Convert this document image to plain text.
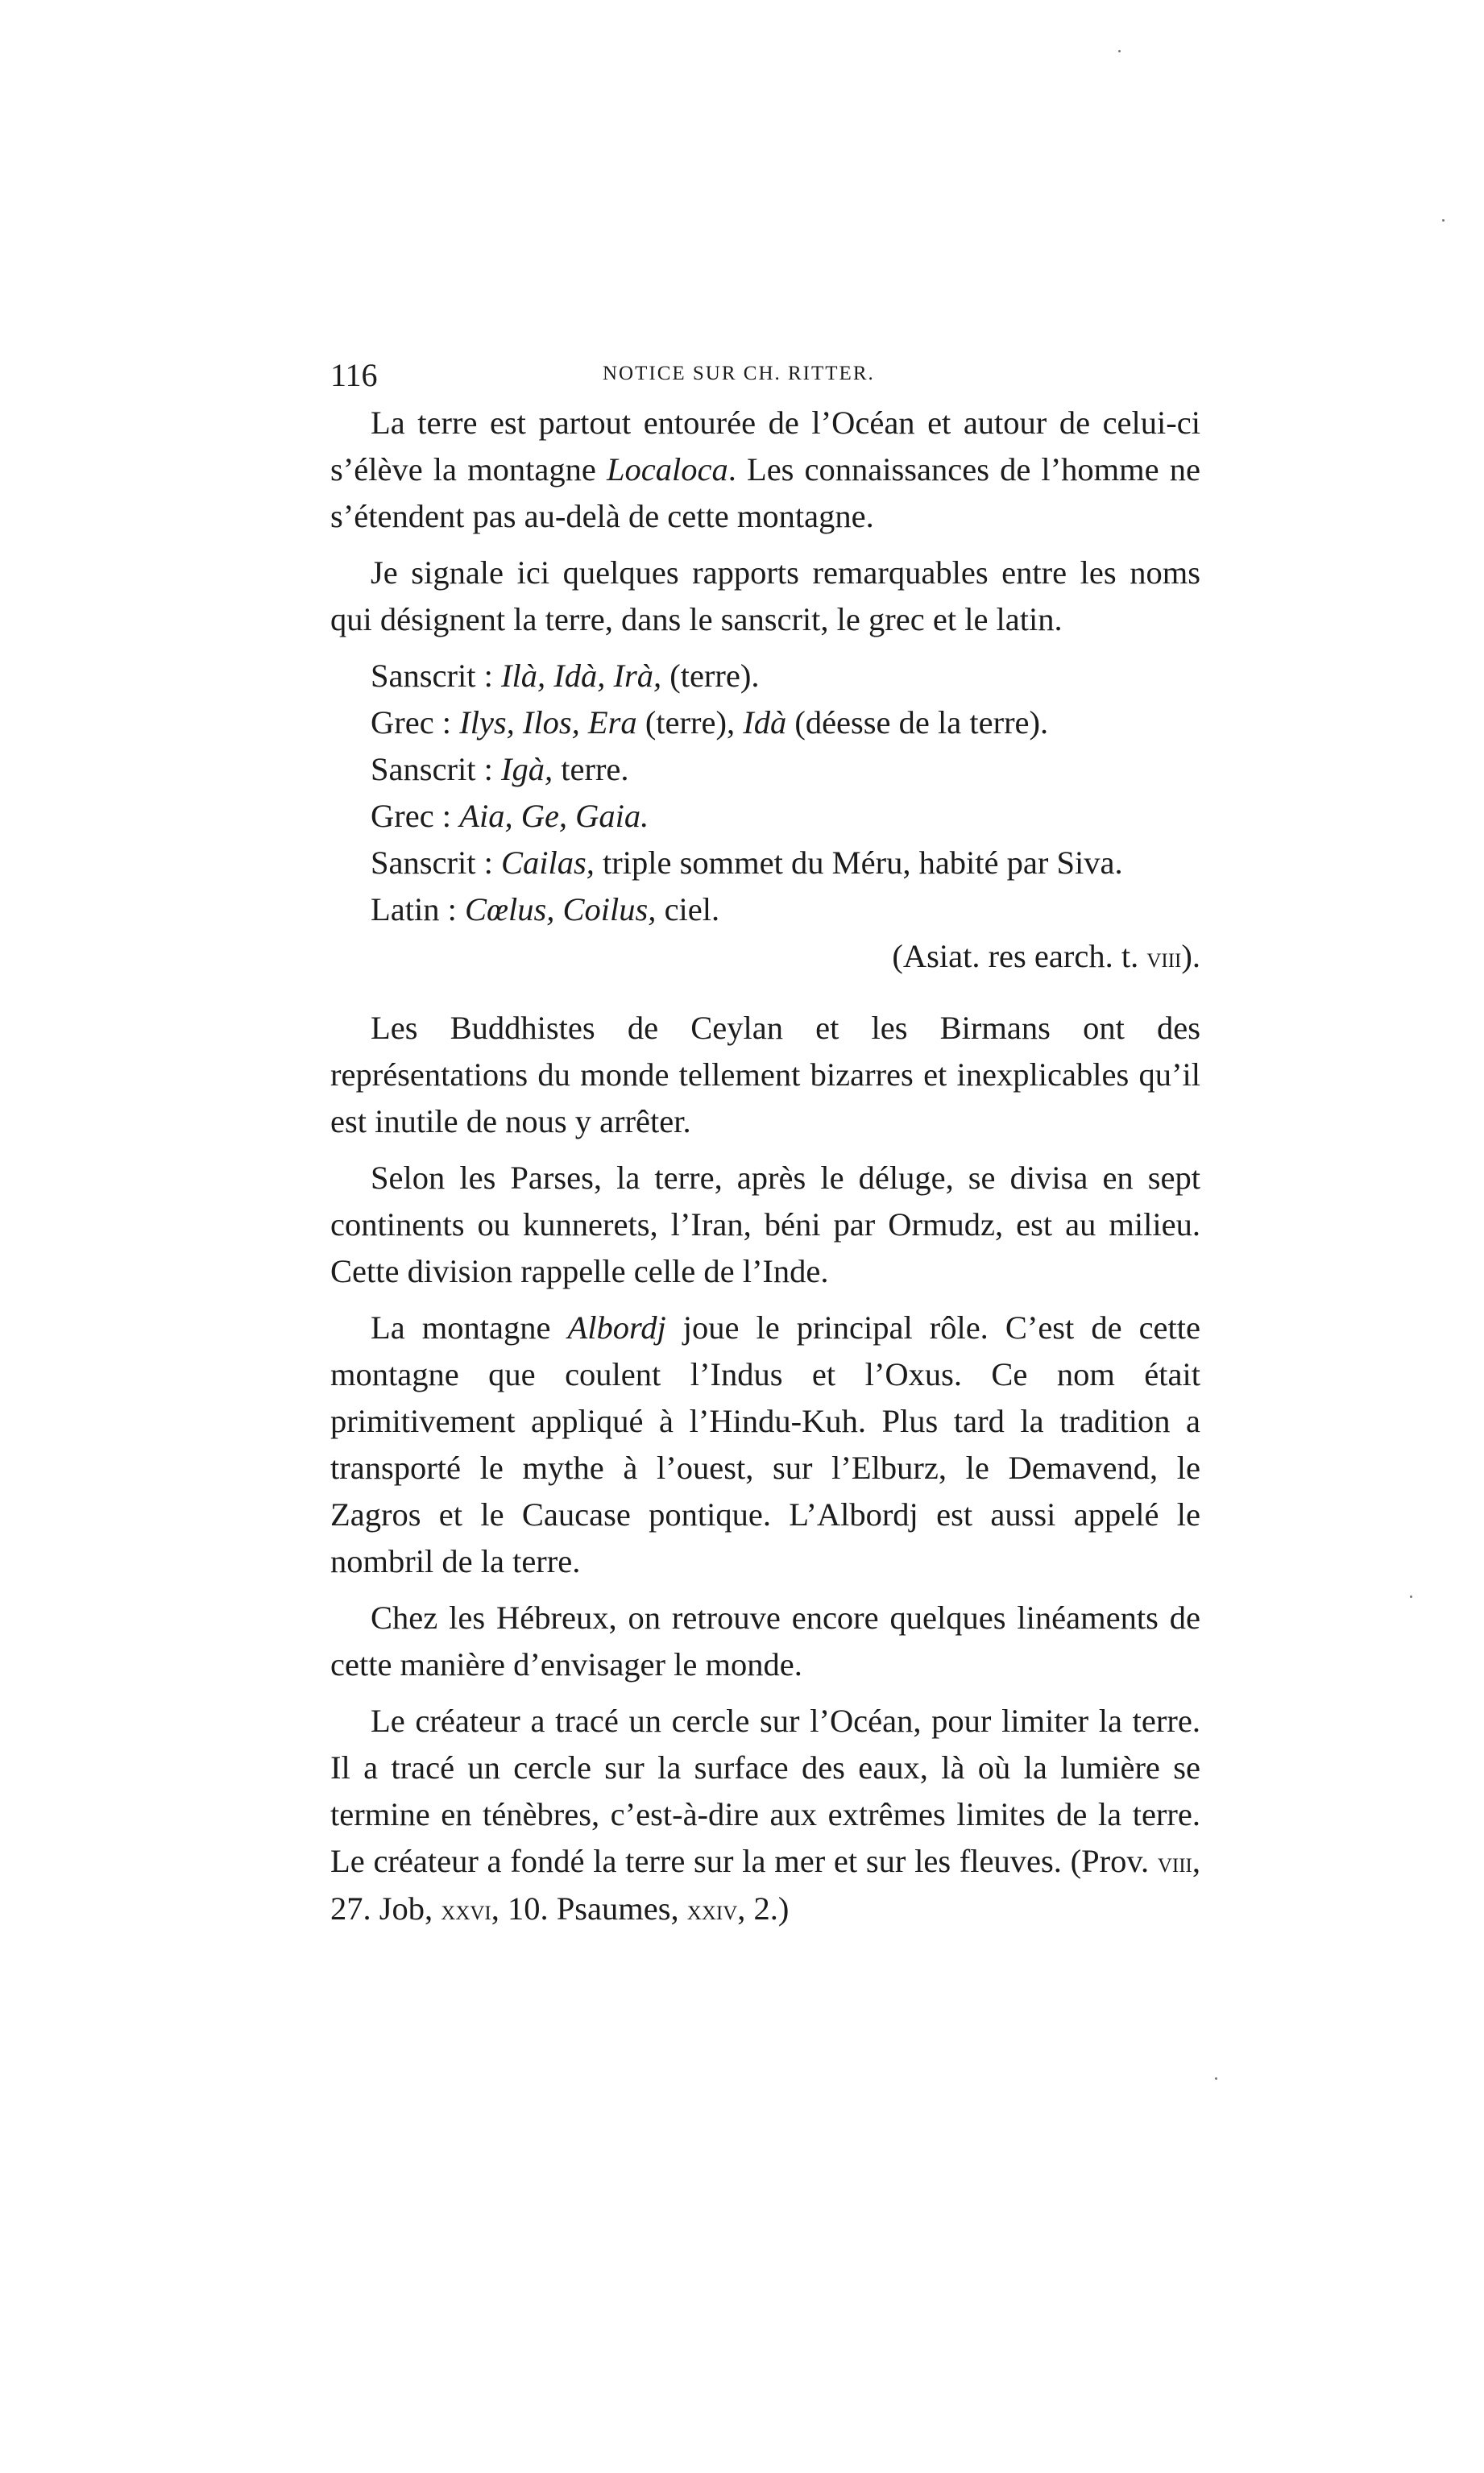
116	NOTICE SUR CH. RITTER.

La terre est partout entourée de l’Océan et autour de celui-ci s’élève la montagne Localoca. Les connaissances de l’homme ne s’étendent pas au-delà de cette montagne.

Je signale ici quelques rapports remarquables entre les noms qui désignent la terre, dans le sanscrit, le grec et le latin.

Sanscrit : Ilà, Idà, Irà, (terre).

Grec : Ilys, Ilos, Era (terre), Idà (déesse de la terre).

Sanscrit : Igà, terre.

Grec : Aia, Ge, Gaia.

Sanscrit : Cailas, triple sommet du Méru, habité par Siva.

Latin : Cœlus, Coilus, ciel.

(Asiat. res earch. t. viii).

Les Buddhistes de Ceylan et les Birmans ont des représentations du monde tellement bizarres et inexplicables qu’il est inutile de nous y arrêter.

Selon les Parses, la terre, après le déluge, se divisa en sept continents ou kunnerets, l’Iran, béni par Ormudz, est au milieu. Cette division rappelle celle de l’Inde.

La montagne Albordj joue le principal rôle. C’est de cette montagne que coulent l’Indus et l’Oxus. Ce nom était primitivement appliqué à l’Hindu-Kuh. Plus tard la tradition a transporté le mythe à l’ouest, sur l’Elburz, le Demavend, le Zagros et le Caucase pontique. L’Albordj est aussi appelé le nombril de la terre.

Chez les Hébreux, on retrouve encore quelques linéaments de cette manière d’envisager le monde.

Le créateur a tracé un cercle sur l’Océan, pour limiter la terre. Il a tracé un cercle sur la surface des eaux, là où la lumière se termine en ténèbres, c’est-à-dire aux extrêmes limites de la terre. Le créateur a fondé la terre sur la mer et sur les fleuves. (Prov. viii, 27. Job, xxvi, 10. Psaumes, xxiv, 2.)
